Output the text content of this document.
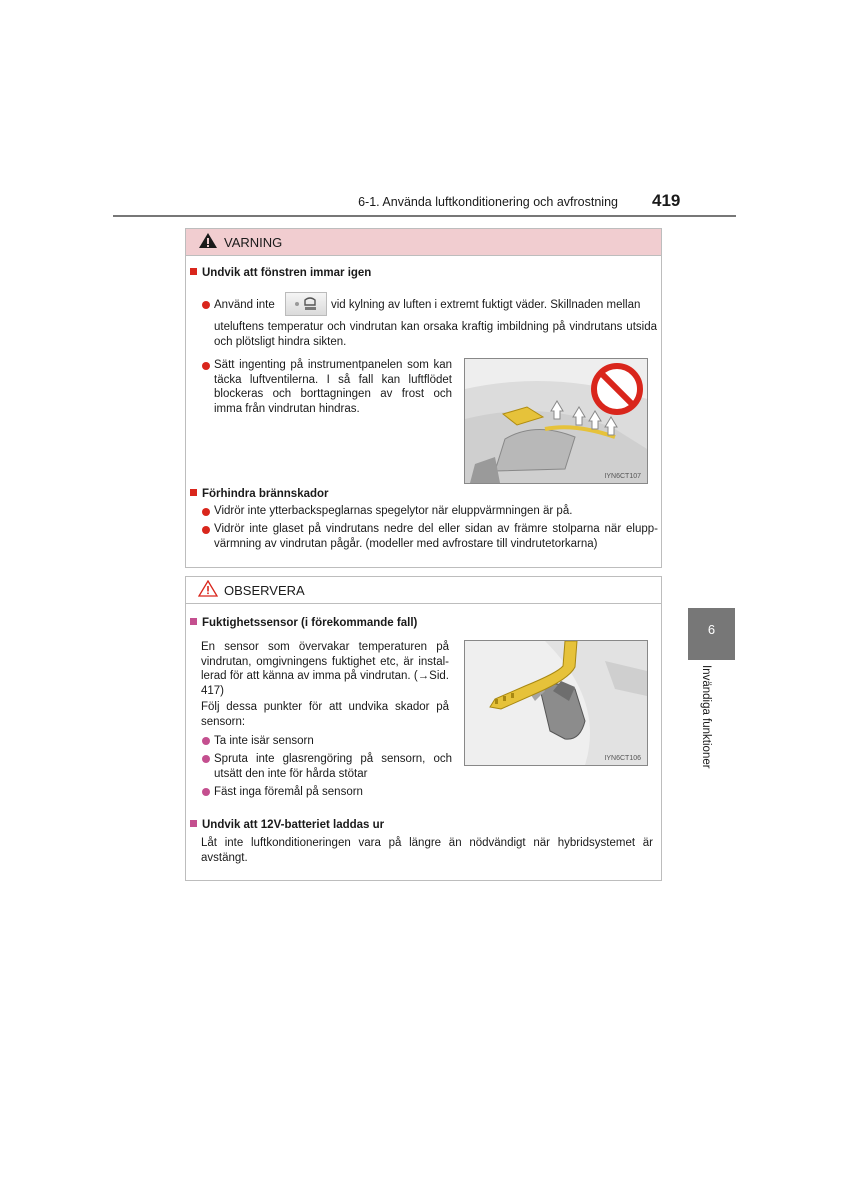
6-1. Använda luftkonditionering och avfrostning 419
VARNING
Undvik att fönstren immar igen
Använd inte	vid kylning av luften i extremt fuktigt väder. Skillnaden mellan
uteluftens temperatur och vindrutan kan orsaka kraftig imbildning på vindrutans utsida och plötsligt hindra sikten.
Sätt ingenting på instrumentpanelen som kan täcka luftventilerna. I så fall kan luftflödet blockeras och borttagningen av frost och imma från vindrutan hindras.
IYN6CT107
Förhindra brännskador
Vidrör inte ytterbackspeglarnas spegelytor när eluppvärmningen är på.
Vidrör inte glaset på vindrutans nedre del eller sidan av främre stolparna när elupp-värmning av vindrutan pågår. (modeller med avfrostare till vindrutetorkarna)
OBSERVERA
Fuktighetssensor (i förekommande fall)
En sensor som övervakar temperaturen på vindrutan, omgivningens fuktighet etc, är instal-lerad för att känna av imma på vindrutan. (→Sid. 417)
Följ dessa punkter för att undvika skador på sensorn:
Ta inte isär sensorn
Spruta inte glasrengöring på sensorn, och utsätt den inte för hårda stötar
Fäst inga föremål på sensorn
IYN6CT106
Undvik att 12V-batteriet laddas ur
Låt inte luftkonditioneringen vara på längre än nödvändigt när hybridsystemet är avstängt.
6
Invändiga funktioner
